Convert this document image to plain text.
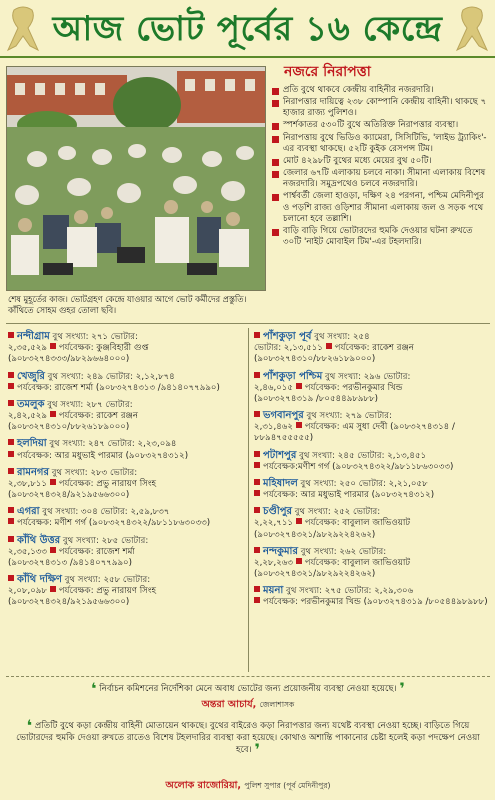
আজ ভোট পূর্বের ১৬ কেন্দ্রে
শেষ মুহূর্তের কাজ। ভোটগ্রহণ কেন্দ্রে যাওয়ার আগে ভোট কর্মীদের প্রস্তুতি। কাঁথিতে সোহম গুহর তোলা ছবি।
নজরে নিরাপত্তা
প্রতি বুথে থাকবে কেন্দ্রীয় বাহিনীর নজরদারি।
নিরাপত্তার দায়িত্বে ২৩৮ কোম্পানি কেন্দ্রীয় বাহিনী। থাকছে ৭ হাজার রাজ্য পুলিশও।
স্পর্শকাতর ৫৩০টি বুথে অতিরিক্ত নিরাপত্তার ব্যবস্থা।
নিরাপত্তায় বুথে ভিডিও ক্যামেরা, সিসিটিভি, 'লাইভ ট্র্যাকিং'-এর ব্যবস্থা থাকছে। ৫২টি কুইক রেসপন্স টিম।
মোট ৪২৯৮টি বুথের মধ্যে মেয়ের বুথ ৫০টি।
জেলার ৬৭টি এলাকায় চলবে নাকা। সীমানা এলাকায় বিশেষ নজরদারি। সমুদ্রপথেও চলবে নজরদারি।
পার্শ্ববর্তী জেলা হাওড়া, দক্ষিণ ২৪ পরগনা, পশ্চিম মেদিনীপুর ও পড়শি রাজ্য ওড়িশার সীমানা এলাকায় জল ও সড়ক পথে চলানো হবে তল্লাশি।
বাড়ি বাড়ি গিয়ে ভোটারদের হুমকি দেওয়ার ঘটনা রুখতে ৩০টি 'নাইট মোবাইল টিম'-এর টহলদারি।
নন্দীগ্রাম বুথ সংখ্যা: ২৭১ ভোটার:
২,৩৫,৫২৯ পর্যবেক্ষক: কুঞ্জবিহারী গুপ্ত
(৯০৮৩২৭৪৩৩৩/৯৮২৯৬৬৪০০০)
খেজুরি বুথ সংখ্যা: ২৪৯ ভোটার: ২,১২,৮৭৪
পর্যবেক্ষক: রাজেশ শর্মা (৯০৮৩২৭৪৩১৩ /৯৪১৪০৭৭৯৯০)
তমলুক বুথ সংখ্যা: ২৮৭ ভোটার:
২,৪২,৫২৯ পর্যবেক্ষক: রাকেশ রঞ্জন
(৯০৮৩২৭৪৩১০/৮৮২৬১৮৯০০০)
হলদিয়া বুথ সংখ্যা: ২৪৭ ভোটার: ২,২৩,০৯৪
পর্যবেক্ষক: আর মধুভাই পারমার (৯০৮৩২৭৪৩১২)
রামনগর বুথ সংখ্যা: ২৮৩ ভোটার:
২,৩৮,৮১১ পর্যবেক্ষক: প্রভু নারায়ণ সিংহ
(৯০৮৩২৭৪৩২৪/৯২১৯৫৬৬৩০০)
এগরা বুথ সংখ্যা: ৩০৪ ভোটার: ২,৫৯,৮৩৭
পর্যবেক্ষক: মণীশ গর্গ (৯০৮৩২৭৪৩২২/৯৮১১৮৬৩০৩৩)
কাঁথি উত্তর বুথ সংখ্যা: ২৮৫ ভোটার:
২,৩৫,১৩৩ পর্যবেক্ষক: রাজেশ শর্মা
(৯০৮৩২৭৪৩১৩ /৯৪১৪০৭৭৯৯০)
কাঁথি দক্ষিণ বুথ সংখ্যা: ২৫৮ ভোটার:
২,০৮,০৯৮ পর্যবেক্ষক: প্রভু নারায়ণ সিংহ
(৯০৮৩২৭৪৩২৪/৯২১৯৫৬৬৩০০)
পাঁশকুড়া পূর্ব বুথ সংখ্যা: ২৫৪
ভোটার: ২,১৩,৫১১ পর্যবেক্ষক: রাকেশ রঞ্জন
(৯০৮৩২৭৪৩১০/৮৮২৬১৮৯০০০)
পাঁশকুড়া পশ্চিম বুথ সংখ্যা: ২৯৬ ভোটার:
২,৪৬,০১৫ পর্যবেক্ষক: পরভীনকুমার খিন্ড
(৯০৮৩২৭৪৩১৯ /৮০৫৪৪৯৮৯৮৮)
ভগবানপুর বুথ সংখ্যা: ২৭৯ ভোটার:
২,৩১,৪৬২ পর্যবেক্ষক: এম সুধা দেবী (৯০৮৩২৭৪৩১৪ /৮৮৯৪৭৫৫৫৫৫)
পটাশপুর বুথ সংখ্যা: ২৪৫ ভোটার: ২,১৩,৪৫১
পর্যবেক্ষক:মণীশ গর্গ (৯০৮৩২৭৪৩২২/৯৮১১৮৬৩০৩৩)
মহিষাদল বুথ সংখ্যা: ২৫০ ভোটার: ২,২১,০৫৮
পর্যবেক্ষক: আর মধুভাই পারমার (৯০৮৩২৭৪৩১২)
চণ্ডীপুর বুথ সংখ্যা: ২৫২ ভোটার:
২,২২,৭১১ পর্যবেক্ষক: বাবুলাল জাভিওয়াট
(৯০৮৩২৭৪৩২১/৯৮২৯২২৪২৬২)
নন্দকুমার বুথ সংখ্যা: ২৬২ ভোটার:
২,২৮,২৬৩ পর্যবেক্ষক: বাবুলাল জাভিওয়াট
(৯০৮৩২৭৪৩২১/৯৮২৯২২৪২৬২)
ময়না বুথ সংখ্যা: ২৭৫ ভোটার: ২,২৯,৩০৬
পর্যবেক্ষক: পরভীনকুমার খিন্ড (৯০৮৩২৭৪৩১৯ /৮০৫৪৪৯৮৯৮৮)
❛ নির্বাচন কমিশনের নির্দেশিকা মেনে অবাধ ভোটের জন্য প্রয়োজনীয় ব্যবস্থা নেওয়া হয়েছে। ❜
অন্তরা আচার্য, জেলাশাসক
❛ প্রতিটি বুথে কড়া কেন্দ্রীয় বাহিনী মোতায়েন থাকছে। বুথের বাইরেও কড়া নিরাপত্তার জন্য যথেষ্ট ব্যবস্থা নেওয়া হচ্ছে। বাড়িতে গিয়ে ভোটারদের হুমকি দেওয়া রুখতে রাতেও বিশেষ টহলদারির ব্যবস্থা করা হয়েছে। কোথাও অশান্তি পাকানোর চেষ্টা হলেই কড়া পদক্ষেপ নেওয়া হবে। ❜
অলোক রাজোরিয়া, পুলিশ সুপার (পূর্ব মেদিনীপুর)
